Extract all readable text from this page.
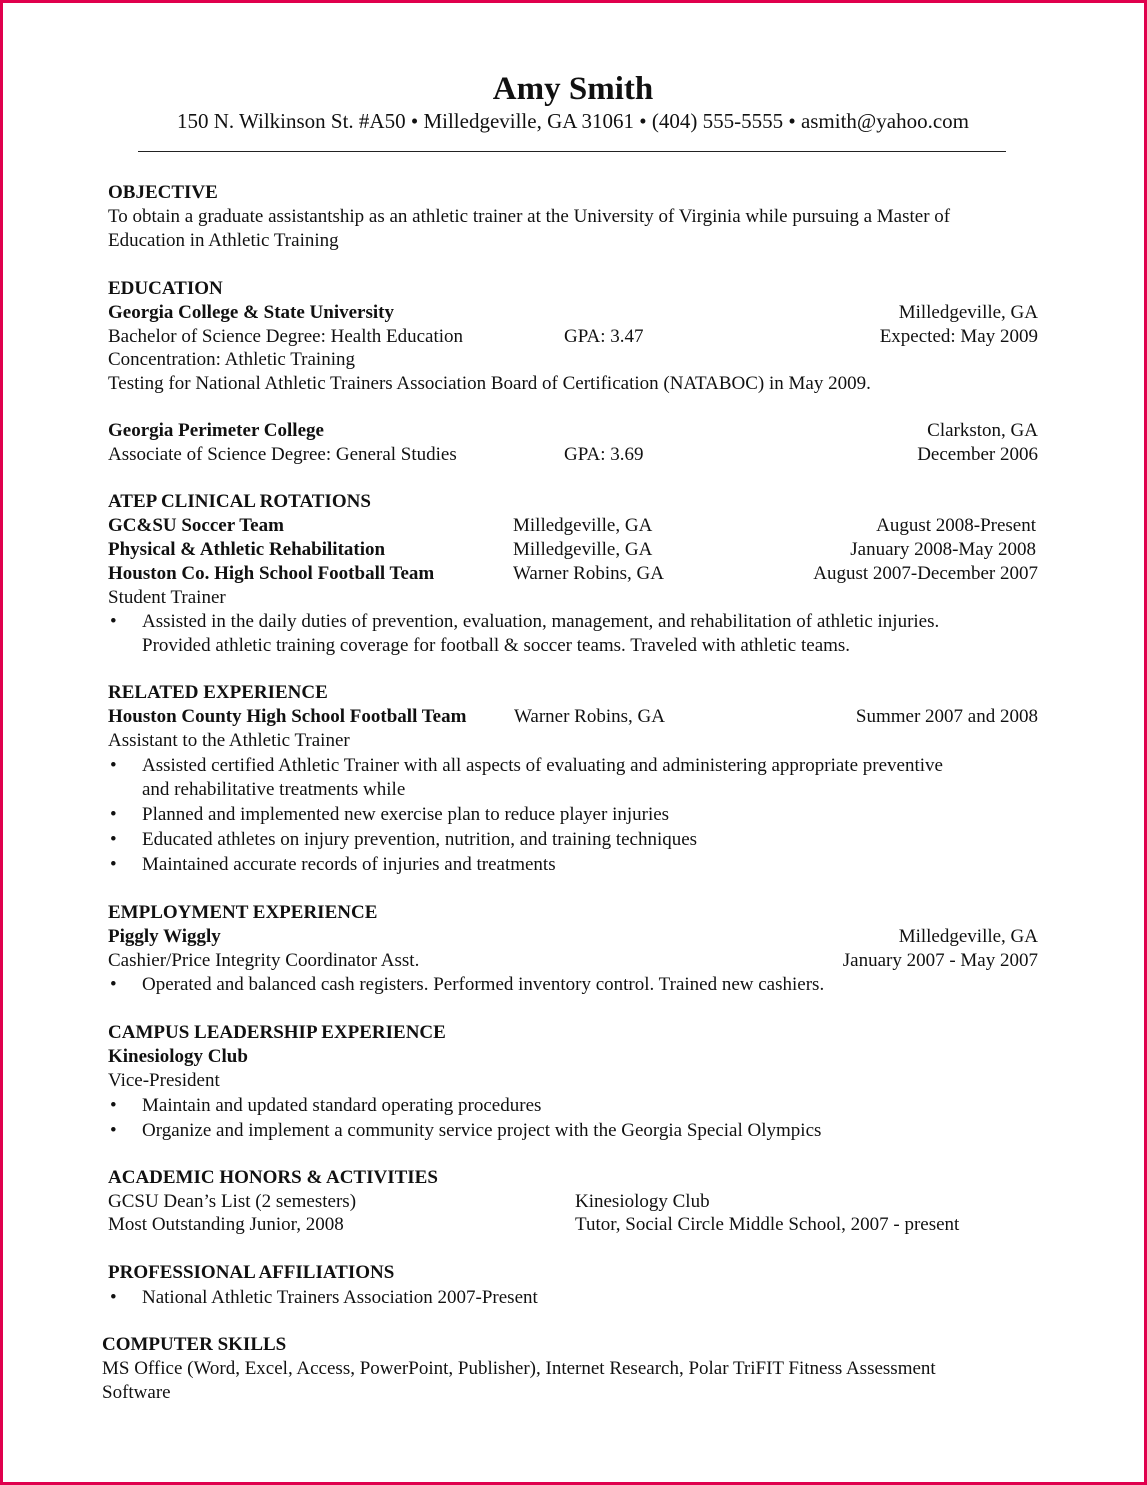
Amy Smith
150 N. Wilkinson St. #A50 • Milledgeville, GA 31061 • (404) 555-5555 • asmith@yahoo.com
OBJECTIVE
To obtain a graduate assistantship as an athletic trainer at the University of Virginia while pursuing a Master of
Education in Athletic Training
EDUCATION
Georgia College & State University	Milledgeville, GA
Bachelor of Science Degree: Health Education	GPA: 3.47	Expected: May 2009
Concentration: Athletic Training
Testing for National Athletic Trainers Association Board of Certification (NATABOC) in May 2009.
Georgia Perimeter College	Clarkston, GA
Associate of Science Degree: General Studies	GPA: 3.69	December 2006
ATEP CLINICAL ROTATIONS
GC&SU Soccer Team	Milledgeville, GA	August 2008-Present
Physical & Athletic Rehabilitation	Milledgeville, GA	January 2008-May 2008
Houston Co. High School Football Team	Warner Robins, GA	August 2007-December 2007
Student Trainer
• Assisted in the daily duties of prevention, evaluation, management, and rehabilitation of athletic injuries.
Provided athletic training coverage for football & soccer teams. Traveled with athletic teams.
RELATED EXPERIENCE
Houston County High School Football Team	Warner Robins, GA	Summer 2007 and 2008
Assistant to the Athletic Trainer
• Assisted certified Athletic Trainer with all aspects of evaluating and administering appropriate preventive
and rehabilitative treatments while
• Planned and implemented new exercise plan to reduce player injuries
• Educated athletes on injury prevention, nutrition, and training techniques
• Maintained accurate records of injuries and treatments
EMPLOYMENT EXPERIENCE
Piggly Wiggly	Milledgeville, GA
Cashier/Price Integrity Coordinator Asst.	January 2007 - May 2007
• Operated and balanced cash registers. Performed inventory control. Trained new cashiers.
CAMPUS LEADERSHIP EXPERIENCE
Kinesiology Club
Vice-President
• Maintain and updated standard operating procedures
• Organize and implement a community service project with the Georgia Special Olympics
ACADEMIC HONORS & ACTIVITIES
GCSU Dean’s List (2 semesters)	Kinesiology Club
Most Outstanding Junior, 2008	Tutor, Social Circle Middle School, 2007 - present
PROFESSIONAL AFFILIATIONS
• National Athletic Trainers Association 2007-Present
COMPUTER SKILLS
MS Office (Word, Excel, Access, PowerPoint, Publisher), Internet Research, Polar TriFIT Fitness Assessment
Software
